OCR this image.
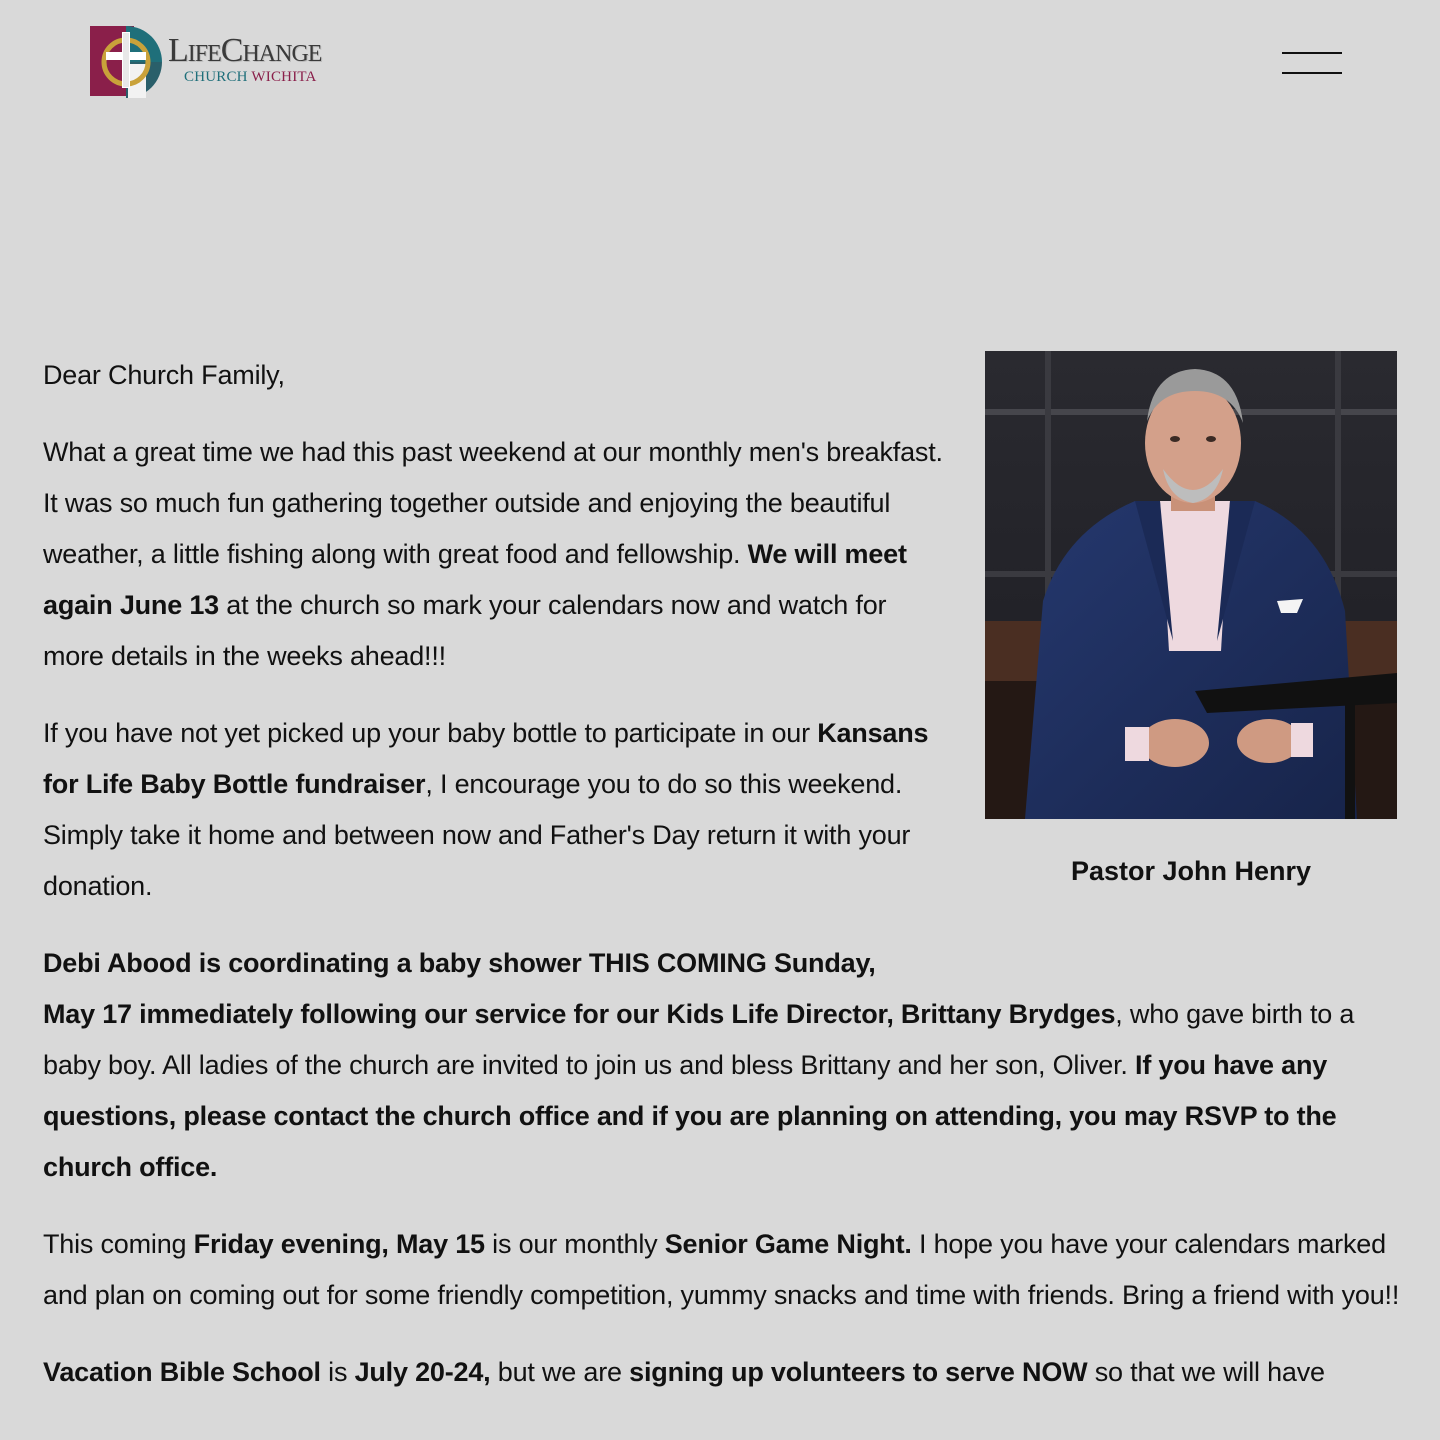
LifeChange
CHURCH WICHITA
Pastor John Henry

Dear Church Family,

What a great time we had this past weekend at our monthly men's breakfast. It was so much fun gathering together outside and enjoying the beautiful weather, a little fishing along with great food and fellowship. We will meet again June 13 at the church so mark your calendars now and watch for more details in the weeks ahead!!!

If you have not yet picked up your baby bottle to participate in our Kansans for Life Baby Bottle fundraiser, I encourage you to do so this weekend. Simply take it home and between now and Father's Day return it with your donation.

Debi Abood is coordinating a baby shower THIS COMING Sunday,
May 17 immediately following our service for our Kids Life Director, Brittany Brydges, who gave birth to a baby boy. All ladies of the church are invited to join us and bless Brittany and her son, Oliver. If you have any questions, please contact the church office and if you are planning on attending, you may RSVP to the church office.

This coming Friday evening, May 15 is our monthly Senior Game Night. I hope you have your calendars marked and plan on coming out for some friendly competition, yummy snacks and time with friends. Bring a friend with you!!

Vacation Bible School is July 20-24, but we are signing up volunteers to serve NOW so that we will have
